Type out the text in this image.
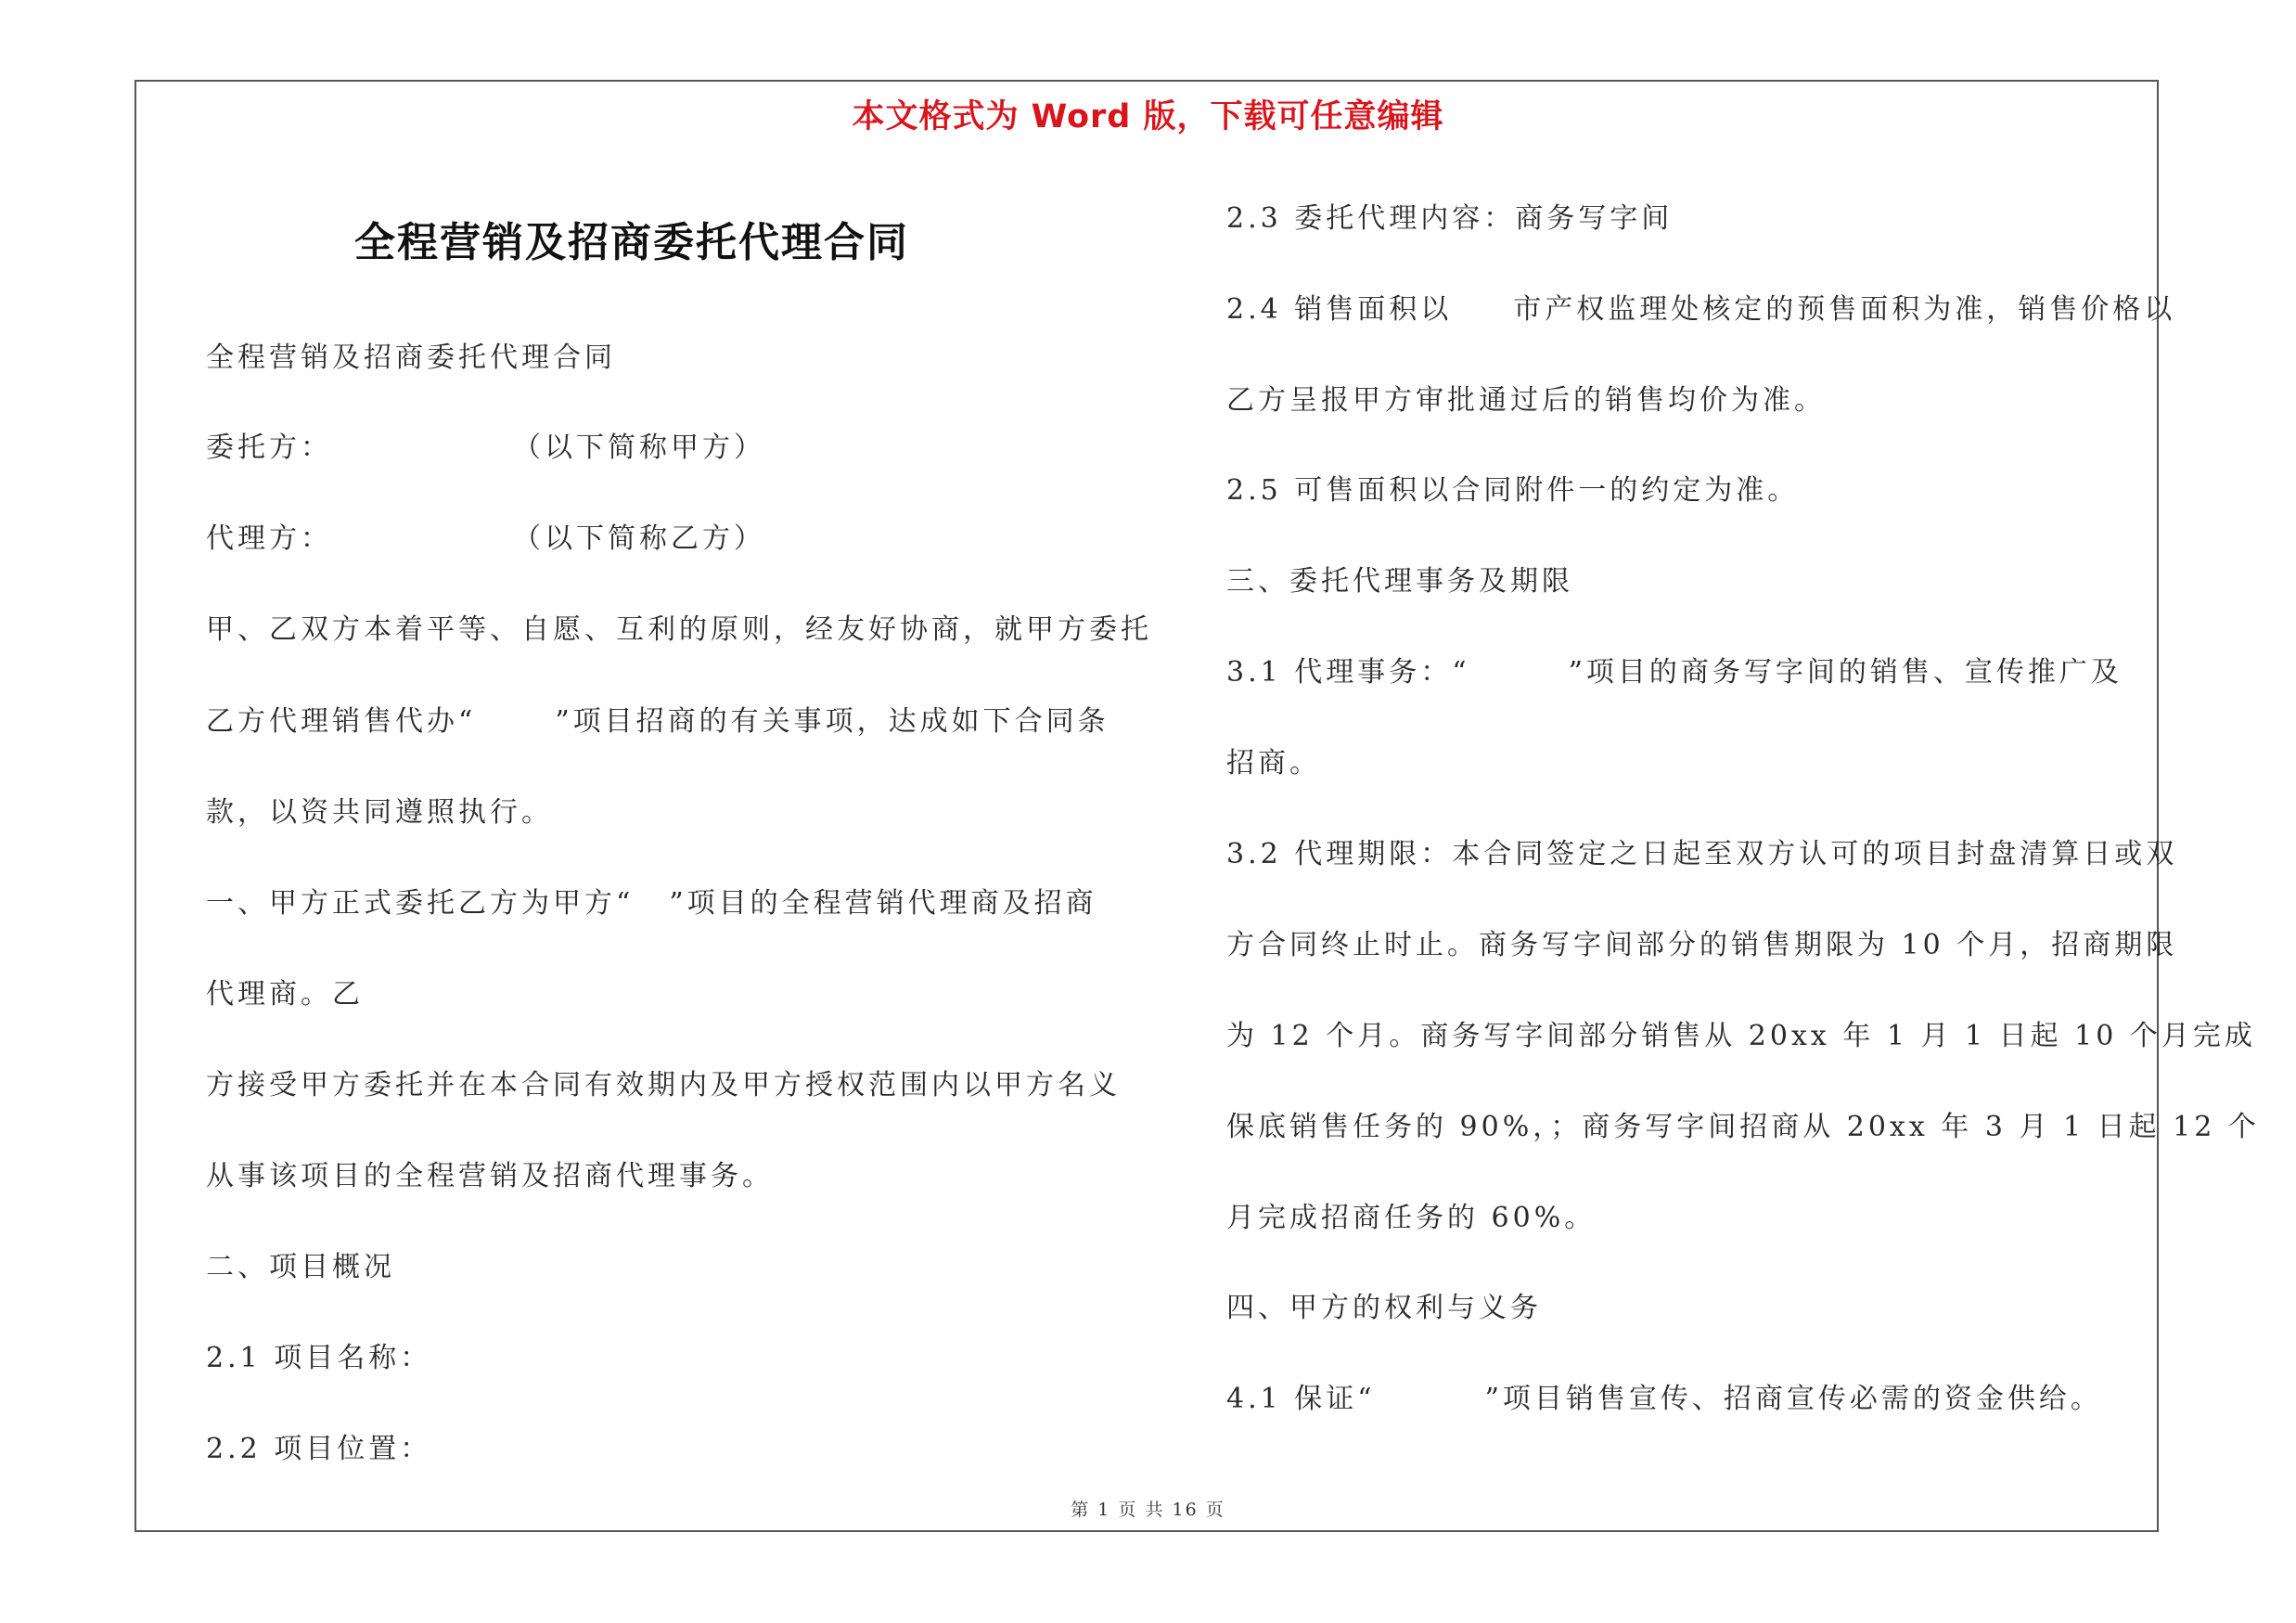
本文格式为 Word 版，下载可任意编辑
全程营销及招商委托代理合同
全程营销及招商委托代理合同
委托方：	（以下简称甲方）
代理方：	（以下简称乙方）
甲、乙双方本着平等、自愿、互利的原则，经友好协商，就甲方委托
乙方代理销售代办“	”项目招商的有关事项，达成如下合同条
款，以资共同遵照执行。
一、甲方正式委托乙方为甲方“ ”项目的全程营销代理商及招商
代理商。乙
方接受甲方委托并在本合同有效期内及甲方授权范围内以甲方名义
从事该项目的全程营销及招商代理事务。
二、项目概况
2.1 项目名称：
2.2 项目位置：
2.3 委托代理内容：商务写字间
2.4 销售面积以 市产权监理处核定的预售面积为准，销售价格以
乙方呈报甲方审批通过后的销售均价为准。
2.5 可售面积以合同附件一的约定为准。
三、委托代理事务及期限
3.1 代理事务：“	”项目的商务写字间的销售、宣传推广及
招商。
3.2 代理期限：本合同签定之日起至双方认可的项目封盘清算日或双
方合同终止时止。商务写字间部分的销售期限为 10 个月，招商期限
为 12 个月。商务写字间部分销售从 20xx 年 1 月 1 日起 10 个月完成
保底销售任务的 90%，；商务写字间招商从 20xx 年 3 月 1 日起 12 个
月完成招商任务的 60%。
四、甲方的权利与义务
4.1 保证“	”项目销售宣传、招商宣传必需的资金供给。
第 1 页 共 16 页
